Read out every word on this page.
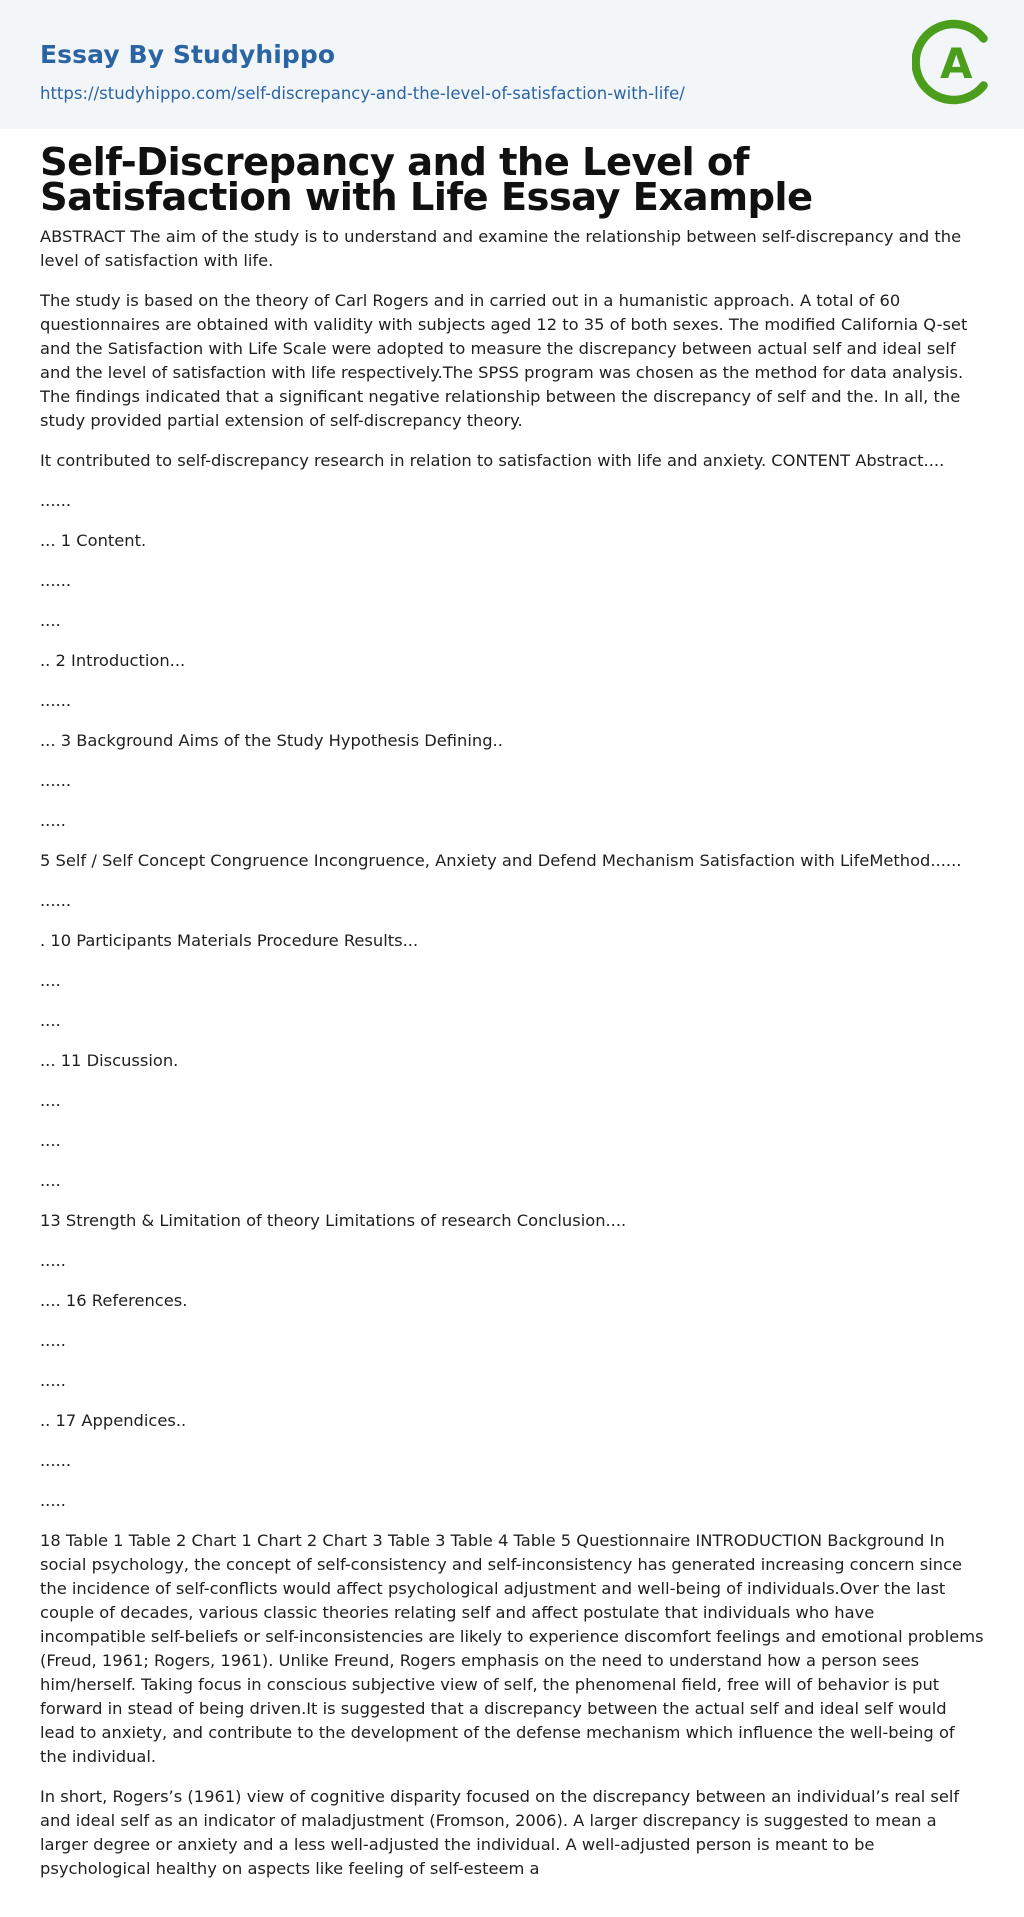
Essay By Studyhippo
https://studyhippo.com/self-discrepancy-and-the-level-of-satisfaction-with-life/
A
Self-Discrepancy and the Level of Satisfaction with Life Essay Example

ABSTRACT The aim of the study is to understand and examine the relationship between self-discrepancy and the level of satisfaction with life.

The study is based on the theory of Carl Rogers and in carried out in a humanistic approach. A total of 60 questionnaires are obtained with validity with subjects aged 12 to 35 of both sexes. The modified California Q-set and the Satisfaction with Life Scale were adopted to measure the discrepancy between actual self and ideal self and the level of satisfaction with life respectively.The SPSS program was chosen as the method for data analysis. The findings indicated that a significant negative relationship between the discrepancy of self and the. In all, the study provided partial extension of self-discrepancy theory.

It contributed to self-discrepancy research in relation to satisfaction with life and anxiety. CONTENT Abstract....

......

... 1 Content.

......

....

.. 2 Introduction...

......

... 3 Background Aims of the Study Hypothesis Defining..

......

.....

5 Self / Self Concept Congruence Incongruence, Anxiety and Defend Mechanism Satisfaction with LifeMethod......

......

. 10 Participants Materials Procedure Results...

....

....

... 11 Discussion.

....

....

....

13 Strength & Limitation of theory Limitations of research Conclusion....

.....

.... 16 References.

.....

.....

.. 17 Appendices..

......

.....

18 Table 1 Table 2 Chart 1 Chart 2 Chart 3 Table 3 Table 4 Table 5 Questionnaire INTRODUCTION Background In social psychology, the concept of self-consistency and self-inconsistency has generated increasing concern since the incidence of self-conflicts would affect psychological adjustment and well-being of individuals.Over the last couple of decades, various classic theories relating self and affect postulate that individuals who have incompatible self-beliefs or self-inconsistencies are likely to experience discomfort feelings and emotional problems (Freud, 1961; Rogers, 1961). Unlike Freund, Rogers emphasis on the need to understand how a person sees him/herself. Taking focus in conscious subjective view of self, the phenomenal field, free will of behavior is put forward in stead of being driven.It is suggested that a discrepancy between the actual self and ideal self would lead to anxiety, and contribute to the development of the defense mechanism which influence the well-being of the individual.

In short, Rogers’s (1961) view of cognitive disparity focused on the discrepancy between an individual’s real self and ideal self as an indicator of maladjustment (Fromson, 2006). A larger discrepancy is suggested to mean a larger degree or anxiety and a less well-adjusted the individual. A well-adjusted person is meant to be psychological healthy on aspects like feeling of self-esteem a
